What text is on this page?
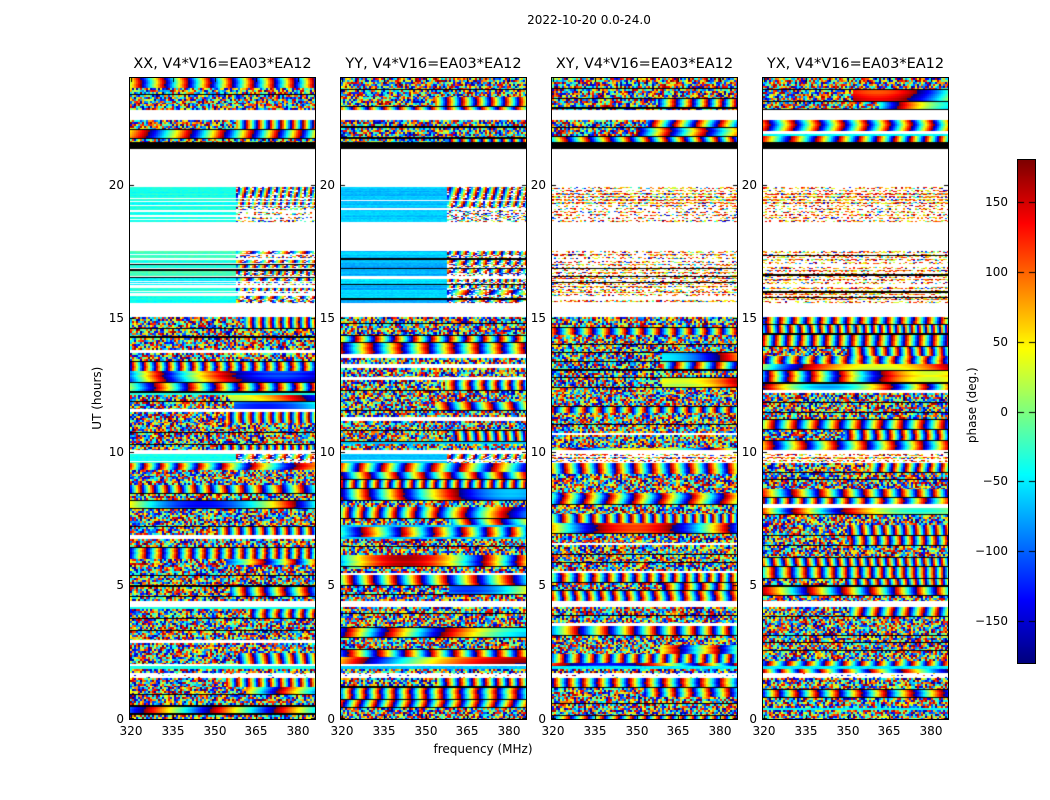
2022-10-20 0.0-24.0
XX, V4*V16=EA03*EA12
320 335 350 365 380
0
5
10
15
20
YY, V4*V16=EA03*EA12
320 335 350 365 380
0
5
10
15
20
XY, V4*V16=EA03*EA12
320 335 350 365 380
0
5
10
15
20
YX, V4*V16=EA03*EA12
320 335 350 365 380
0
5
10
15
20
UT (hours)
frequency (MHz)
phase (deg.)
150
100
50
0
−50
−100
−150
